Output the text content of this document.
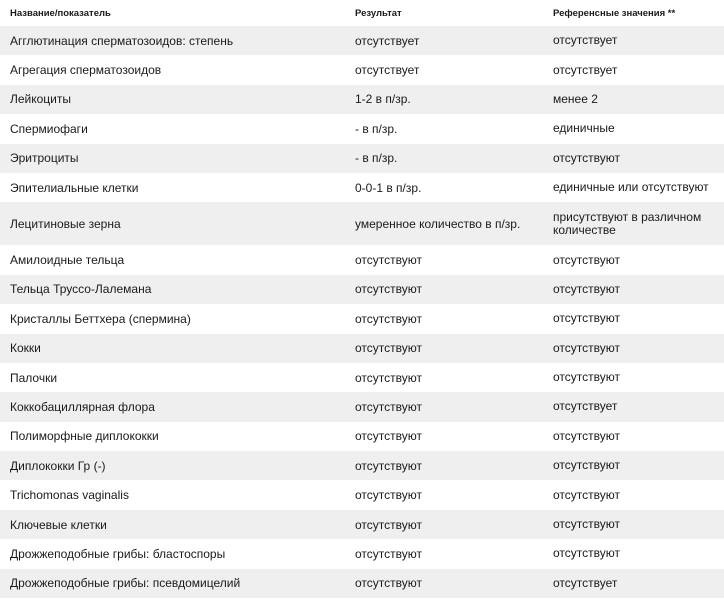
Название/показатель	Результат	Референсные значения **
Агглютинация сперматозоидов: степень	отсутствует	отсутствует
Агрегация сперматозоидов	отсутствует	отсутствует
Лейкоциты	1-2 в п/зр.	менее 2
Спермиофаги	- в п/зр.	единичные
Эритроциты	- в п/зр.	отсутствуют
Эпителиальные клетки	0-0-1 в п/зр.	единичные или отсутствуют
Лецитиновые зерна	умеренное количество в п/зр.	присутствуют в различном количестве
Амилоидные тельца	отсутствуют	отсутствуют
Тельца Труссо-Лалемана	отсутствуют	отсутствуют
Кристаллы Беттхера (спермина)	отсутствуют	отсутствуют
Кокки	отсутствуют	отсутствуют
Палочки	отсутствуют	отсутствуют
Коккобациллярная флора	отсутствуют	отсутствует
Полиморфные диплококки	отсутствуют	отсутствуют
Диплококки Гр (-)	отсутствуют	отсутствуют
Trichomonas vaginalis	отсутствуют	отсутствуют
Ключевые клетки	отсутствуют	отсутствуют
Дрожжеподобные грибы: бластоспоры	отсутствуют	отсутствуют
Дрожжеподобные грибы: псевдомицелий	отсутствуют	отсутствует
